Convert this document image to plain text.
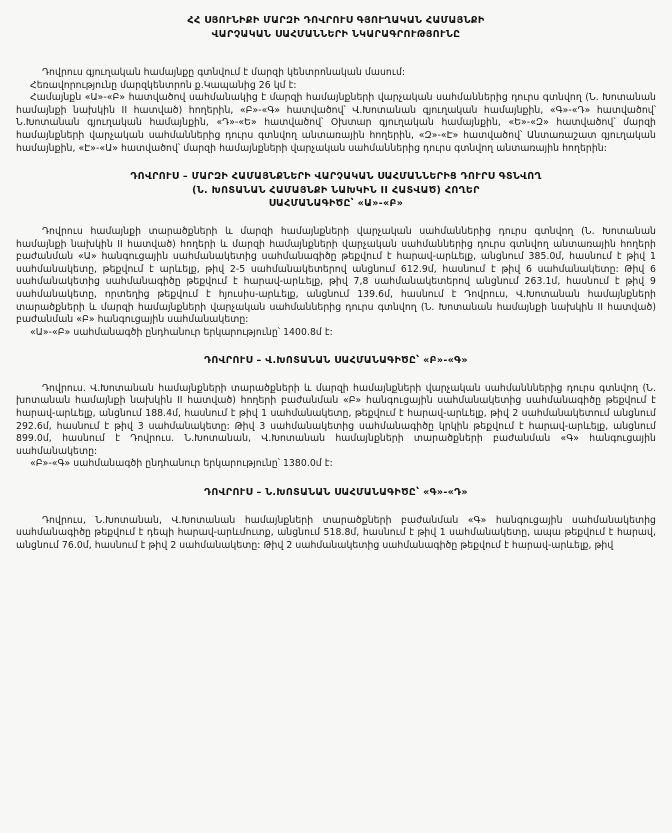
ՀՀ ՍՅՈՒՆԻՔԻ ՄԱՐԶԻ ԴՈՎՐՈՒՍ ԳՅՈՒՂԱԿԱՆ ՀԱՄԱՅՆՔԻ
ՎԱՐՉԱԿԱՆ ՍԱՀՄԱՆՆԵՐԻ ՆԿԱՐԱԳՐՈՒԹՅՈՒՆԸ

Դովրուս գյուղական համայնքը գտնվում է մարզի կենտրոնական մասում:

Հեռավորությունը մարզկենտրոն ք.Կապանից 26 կմ է:

Համայնքն «Ա»-«Բ» հատվածով սահմանակից է մարզի համայնքների վարչական սահմաններից դուրս գտնվող (Ն. Խոտանան համայնքի նախկին II հատված) հողերին, «Բ»-«Գ» հատվածով՝ Վ.Խոտանան գյուղական համայնքին, «Գ»-«Դ» հատվածով՝ Ն.Խոտանան գյուղական համայնքին, «Դ»-«Ե» հատվածով՝ Օխտար գյուղական համայնքին, «Ե»-«Զ» հատվածով՝ մարզի համայնքների վարչական սահմաններից դուրս գտնվող անտառային հողերին, «Զ»-«Է» հատվածով՝ Անտառաշատ գյուղական համայնքին, «Է»-«Ա» հատվածով՝ մարզի համայնքների վարչական սահմաններից դուրս գտնվող անտառային հողերին:

ԴՈՎՐՈՒՍ – ՄԱՐԶԻ ՀԱՄԱՅՆՔՆԵՐԻ ՎԱՐՉԱԿԱՆ ՍԱՀՄԱՆՆԵՐԻՑ ԴՈՒՐՍ ԳՏՆՎՈՂ
(Ն. ԽՈՏԱՆԱՆ ՀԱՄԱՅՆՔԻ ՆԱԽԿԻՆ II ՀԱՏՎԱԾ) ՀՈՂԵՐ
ՍԱՀՄԱՆԱԳԻԾԸ՝ «Ա»-«Բ»

Դովրուս համայնքի տարածքների և մարզի համայնքների վարչական սահմաններից դուրս գտնվող (Ն. Խոտանան համայնքի նախկին II հատված) հողերի և մարզի համայնքների վարչական սահմաններից դուրս գտնվող անտառային հողերի բաժանման «Ա» հանգուցային սահմանակետից սահմանագիծը թեքվում է հարավ-արևելք, անցնում 385.0մ, հասնում է թիվ 1 սահմանակետը, թեքվում է արևելք, թիվ 2-5 սահմանակետերով անցնում 612.9մ, հասնում է թիվ 6 սահմանակետը: Թիվ 6 սահմանակետից սահմանագիծը թեքվում է հարավ-արևելք, թիվ 7,8 սահմանակետերով անցնում 263.1մ, հասնում է թիվ 9 սահմանակետը, որտեղից թեքվում է հյուսիս-արևելք, անցնում 139.6մ, հասնում է Դովրուս, Վ.Խոտանան համայնքների տարածքների և մարզի համայնքների վարչական սահմաններից դուրս գտնվող (Ն. Խոտանան համայնքի նախկին II հատված) բաժանման «Բ» հանգուցային սահմանակետը:

«Ա»-«Բ» սահմանագծի ընդհանուր երկարությունը՝ 1400.8մ է:

ԴՈՎՐՈՒՍ – Վ.ԽՈՏԱՆԱՆ ՍԱՀՄԱՆԱԳԻԾԸ՝ «Բ»-«Գ»

Դովրուս. Վ.Խոտանան համայնքների տարածքների և մարզի համայնքների վարչական սահմանններից դուրս գտնվող (Ն. խոտանան համայնքի նախկին II հատված) հողերի բաժանման «Բ» հանգուցային սահմանակետից սահմանագիծը թեքվում է հարավ-արևելք, անցնում 188.4մ, հասնում է թիվ 1 սահմանակետը, թեքվում է հարավ-արևելք, թիվ 2 սահմանակետում անցնում 292.6մ, հասնում է թիվ 3 սահմանակետը: Թիվ 3 սահմանակետից սահմանագիծը կրկին թեքվում է հարավ-արևելք, անցնում 899.0մ, հասնում է Դովրուս. Ն.Խոտանան, Վ.Խոտանան համայնքների տարածքների բաժանման «Գ» հանգուցային սահմանակետը:

«Բ»-«Գ» սահմանագծի ընդհանուր երկարությունը՝ 1380.0մ է:

ԴՈՎՐՈՒՍ – Ն.ԽՈՏԱՆԱՆ ՍԱՀՄԱՆԱԳԻԾԸ՝ «Գ»-«Դ»

Դովրուս, Ն.Խոտանան, Վ.Խոտանան համայնքների տարածքների բաժանման «Գ» հանգուցային սահմանակետից սահմանագիծը թեքվում է դեպի հարավ-արևմուտք, անցնում 518.8մ, հասնում է թիվ 1 սահմանակետը, ապա թեքվում է հարավ, անցնում 76.0մ, հասնում է թիվ 2 սահմանակետը: Թիվ 2 սահմանակետից սահմանագիծը թեքվում է հարավ-արևելք, թիվ
